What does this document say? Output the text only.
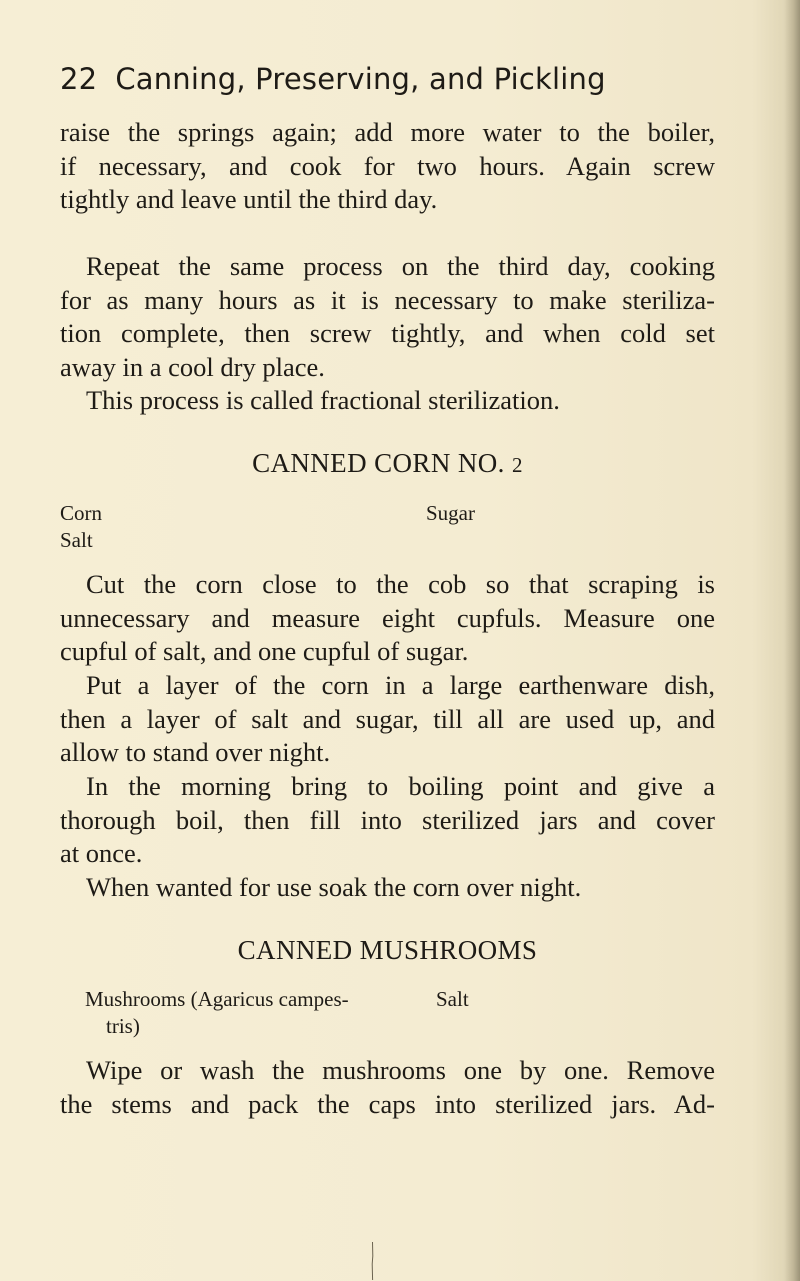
22 Canning, Preserving, and Pickling
raise the springs again; add more water to the boiler,
if necessary, and cook for two hours. Again screw
tightly and leave until the third day.
Repeat the same process on the third day, cooking
for as many hours as it is necessary to make steriliza-
tion complete, then screw tightly, and when cold set
away in a cool dry place.
This process is called fractional sterilization.
CANNED CORN NO. 2
Corn	Sugar
Salt
Cut the corn close to the cob so that scraping is
unnecessary and measure eight cupfuls. Measure one
cupful of salt, and one cupful of sugar.
Put a layer of the corn in a large earthenware dish,
then a layer of salt and sugar, till all are used up, and
allow to stand over night.
In the morning bring to boiling point and give a
thorough boil, then fill into sterilized jars and cover
at once.
When wanted for use soak the corn over night.
CANNED MUSHROOMS
Mushrooms (Agaricus campes-
tris)
Salt
Wipe or wash the mushrooms one by one. Remove
the stems and pack the caps into sterilized jars. Ad-
